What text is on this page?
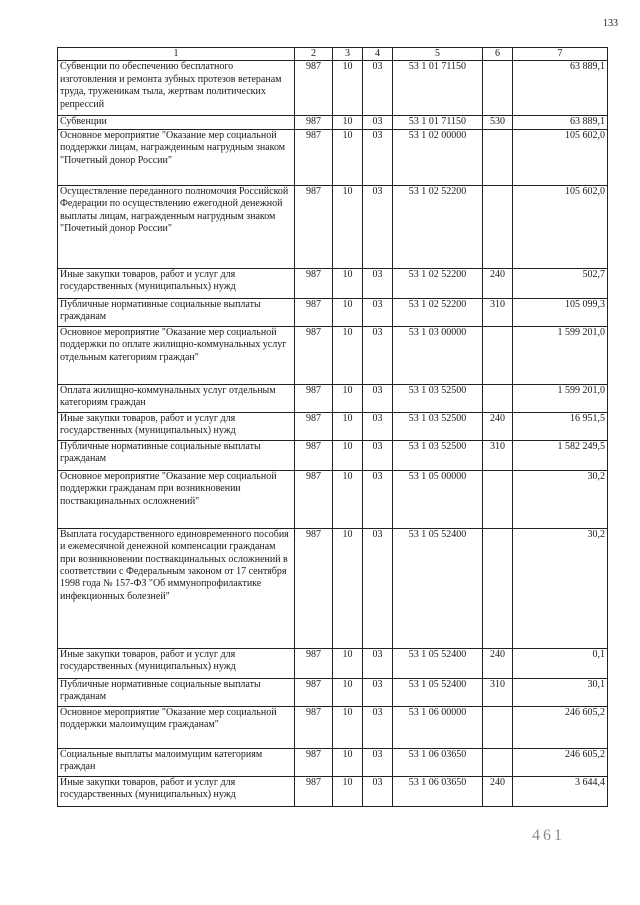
133
1	2	3	4	5	6	7
Субвенции по обеспечению бесплатного изготовления и ремонта зубных протезов ветеранам труда, труженикам тыла, жертвам политических репрессий	987	10	03	53 1 01 71150		63 889,1
Субвенции	987	10	03	53 1 01 71150	530	63 889,1
Основное мероприятие "Оказание мер социальной поддержки лицам, награжденным нагрудным знаком "Почетный донор России"	987	10	03	53 1 02 00000		105 602,0
Осуществление переданного полномочия Российской Федерации по осуществлению ежегодной денежной выплаты лицам, награжденным нагрудным знаком "Почетный донор России"	987	10	03	53 1 02 52200		105 602,0
Иные закупки товаров, работ и услуг для государственных (муниципальных) нужд	987	10	03	53 1 02 52200	240	502,7
Публичные нормативные социальные выплаты гражданам	987	10	03	53 1 02 52200	310	105 099,3
Основное мероприятие "Оказание мер социальной поддержки по оплате жилищно-коммунальных услуг отдельным категориям граждан"	987	10	03	53 1 03 00000		1 599 201,0
Оплата жилищно-коммунальных услуг отдельным категориям граждан	987	10	03	53 1 03 52500		1 599 201,0
Иные закупки товаров, работ и услуг для государственных (муниципальных) нужд	987	10	03	53 1 03 52500	240	16 951,5
Публичные нормативные социальные выплаты гражданам	987	10	03	53 1 03 52500	310	1 582 249,5
Основное мероприятие "Оказание мер социальной поддержки гражданам при возникновении поствакцинальных осложнений"	987	10	03	53 1 05 00000		30,2
Выплата государственного единовременного пособия и ежемесячной денежной компенсации гражданам при возникновении поствакцинальных осложнений в соответствии с Федеральным законом от 17 сентября 1998 года № 157-ФЗ "Об иммунопрофилактике инфекционных болезней"	987	10	03	53 1 05 52400		30,2
Иные закупки товаров, работ и услуг для государственных (муниципальных) нужд	987	10	03	53 1 05 52400	240	0,1
Публичные нормативные социальные выплаты гражданам	987	10	03	53 1 05 52400	310	30,1
Основное мероприятие "Оказание мер социальной поддержки малоимущим гражданам"	987	10	03	53 1 06 00000		246 605,2
Социальные выплаты малоимущим категориям граждан	987	10	03	53 1 06 03650		246 605,2
Иные закупки товаров, работ и услуг для государственных (муниципальных) нужд	987	10	03	53 1 06 03650	240	3 644,4
461
